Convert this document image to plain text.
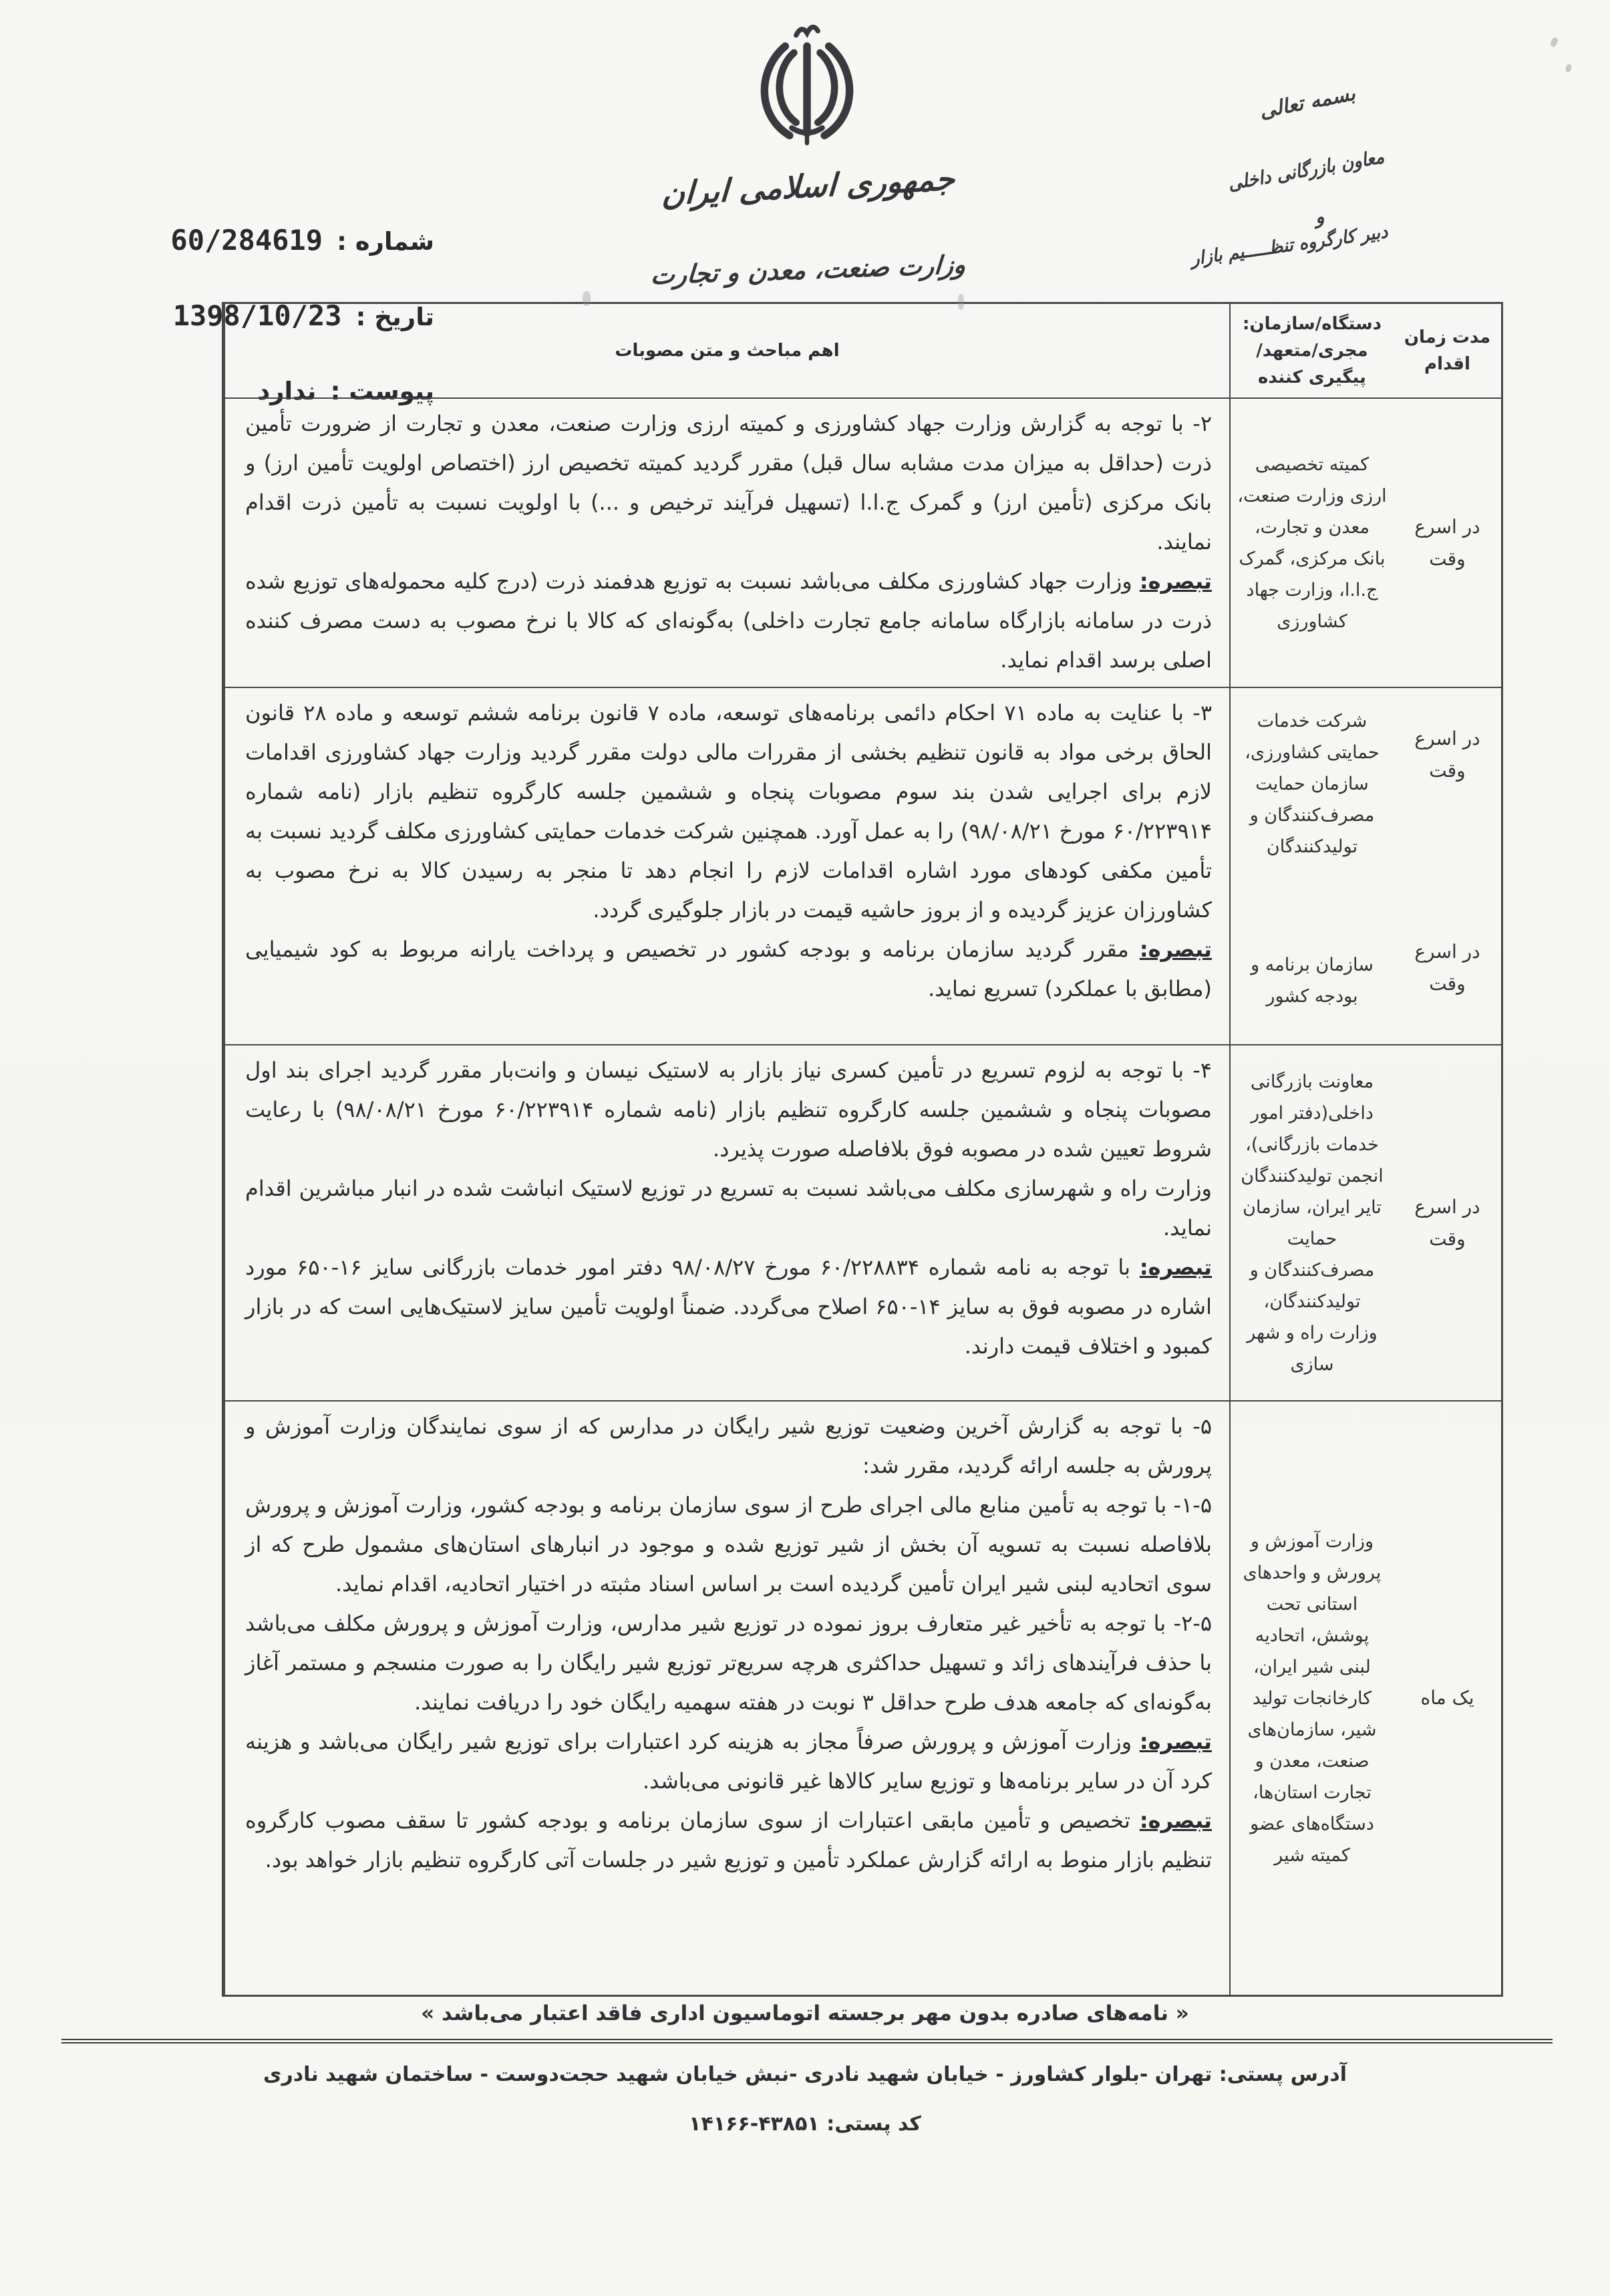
شماره : 60/284619
تاریخ : 1398/10/23
پیوست : ندارد
جمهوری اسلامی ایران
وزارت صنعت، معدن و تجارت
بسمه تعالی
معاون بازرگانی داخلی
و
دبیر کارگروه تنظـــــیم بازار
مدت زمان اقدام
دستگاه/سازمان: مجری/متعهد/ پیگیری کننده
اهم مباحث و متن مصوبات
در اسرع وقت
کمیته تخصیصی ارزی وزارت صنعت، معدن و تجارت، بانک مرکزی، گمرک ج.ا.ا، وزارت جهاد کشاورزی

۲- با توجه به گزارش وزارت جهاد کشاورزی و کمیته ارزی وزارت صنعت، معدن و تجارت از ضرورت تأمین ذرت (حداقل به میزان مدت مشابه سال قبل) مقرر گردید کمیته تخصیص ارز (اختصاص اولویت تأمین ارز) و بانک مرکزی (تأمین ارز) و گمرک ج.ا.ا (تسهیل فرآیند ترخیص و ...) با اولویت نسبت به تأمین ذرت اقدام نمایند.

تبصره: وزارت جهاد کشاورزی مکلف می‌باشد نسبت به توزیع هدفمند ذرت (درج کلیه محموله‌های توزیع شده ذرت در سامانه بازارگاه سامانه جامع تجارت داخلی) به‌گونه‌ای که کالا با نرخ مصوب به دست مصرف کننده اصلی برسد اقدام نماید.

در اسرع وقت
در اسرع وقت
شرکت خدمات حمایتی کشاورزی، سازمان حمایت مصرف‌کنندگان و تولیدکنندگان
سازمان برنامه و بودجه کشور

۳- با عنایت به ماده ۷۱ احکام دائمی برنامه‌های توسعه، ماده ۷ قانون برنامه ششم توسعه و ماده ۲۸ قانون الحاق برخی مواد به قانون تنظیم بخشی از مقررات مالی دولت مقرر گردید وزارت جهاد کشاورزی اقدامات لازم برای اجرایی شدن بند سوم مصوبات پنجاه و ششمین جلسه کارگروه تنظیم بازار (نامه شماره ۶۰/۲۲۳۹۱۴ مورخ ۹۸/۰۸/۲۱) را به عمل آورد. همچنین شرکت خدمات حمایتی کشاورزی مکلف گردید نسبت به تأمین مکفی کودهای مورد اشاره اقدامات لازم را انجام دهد تا منجر به رسیدن کالا به نرخ مصوب به کشاورزان عزیز گردیده و از بروز حاشیه قیمت در بازار جلوگیری گردد.

تبصره: مقرر گردید سازمان برنامه و بودجه کشور در تخصیص و پرداخت یارانه مربوط به کود شیمیایی (مطابق با عملکرد) تسریع نماید.

در اسرع وقت
معاونت بازرگانی داخلی(دفتر امور خدمات بازرگانی)، انجمن تولیدکنندگان تایر ایران، سازمان حمایت مصرف‌کنندگان و تولیدکنندگان، وزارت راه و شهر سازی

۴- با توجه به لزوم تسریع در تأمین کسری نیاز بازار به لاستیک نیسان و وانت‌بار مقرر گردید اجرای بند اول مصوبات پنجاه و ششمین جلسه کارگروه تنظیم بازار (نامه شماره ۶۰/۲۲۳۹۱۴ مورخ ۹۸/۰۸/۲۱) با رعایت شروط تعیین شده در مصوبه فوق بلافاصله صورت پذیرد.

وزارت راه و شهرسازی مکلف می‌باشد نسبت به تسریع در توزیع لاستیک انباشت شده در انبار مباشرین اقدام نماید.

تبصره: با توجه به نامه شماره ۶۰/۲۲۸۸۳۴ مورخ ۹۸/۰۸/۲۷ دفتر امور خدمات بازرگانی سایز ۱۶-۶۵۰ مورد اشاره در مصوبه فوق به سایز ۱۴-۶۵۰ اصلاح می‌گردد. ضمناً اولویت تأمین سایز لاستیک‌هایی است که در بازار کمبود و اختلاف قیمت دارند.

یک ماه
وزارت آموزش و پرورش و واحدهای استانی تحت پوشش، اتحادیه لبنی شیر ایران، کارخانجات تولید شیر، سازمان‌های صنعت، معدن و تجارت استان‌ها، دستگاه‌های عضو کمیته شیر

۵- با توجه به گزارش آخرین وضعیت توزیع شیر رایگان در مدارس که از سوی نمایندگان وزارت آموزش و پرورش به جلسه ارائه گردید، مقرر شد:

۱-۵- با توجه به تأمین منابع مالی اجرای طرح از سوی سازمان برنامه و بودجه کشور، وزارت آموزش و پرورش بلافاصله نسبت به تسویه آن بخش از شیر توزیع شده و موجود در انبارهای استان‌های مشمول طرح که از سوی اتحادیه لبنی شیر ایران تأمین گردیده است بر اساس اسناد مثبته در اختیار اتحادیه، اقدام نماید.

۲-۵- با توجه به تأخیر غیر متعارف بروز نموده در توزیع شیر مدارس، وزارت آموزش و پرورش مکلف می‌باشد با حذف فرآیندهای زائد و تسهیل حداکثری هرچه سریع‌تر توزیع شیر رایگان را به صورت منسجم و مستمر آغاز به‌گونه‌ای که جامعه هدف طرح حداقل ۳ نوبت در هفته سهمیه رایگان خود را دریافت نمایند.

تبصره: وزارت آموزش و پرورش صرفاً مجاز به هزینه کرد اعتبارات برای توزیع شیر رایگان می‌باشد و هزینه کرد آن در سایر برنامه‌ها و توزیع سایر کالاها غیر قانونی می‌باشد.

تبصره: تخصیص و تأمین مابقی اعتبارات از سوی سازمان برنامه و بودجه کشور تا سقف مصوب کارگروه تنظیم بازار منوط به ارائه گزارش عملکرد تأمین و توزیع شیر در جلسات آتی کارگروه تنظیم بازار خواهد بود.

« نامه‌های صادره بدون مهر برجسته اتوماسیون اداری فاقد اعتبار می‌باشد »
آدرس پستی: تهران -بلوار کشاورز - خیابان شهید نادری -نبش خیابان شهید حجت‌دوست - ساختمان شهید نادری
کد پستی: ۴۳۸۵۱-۱۴۱۶۶
